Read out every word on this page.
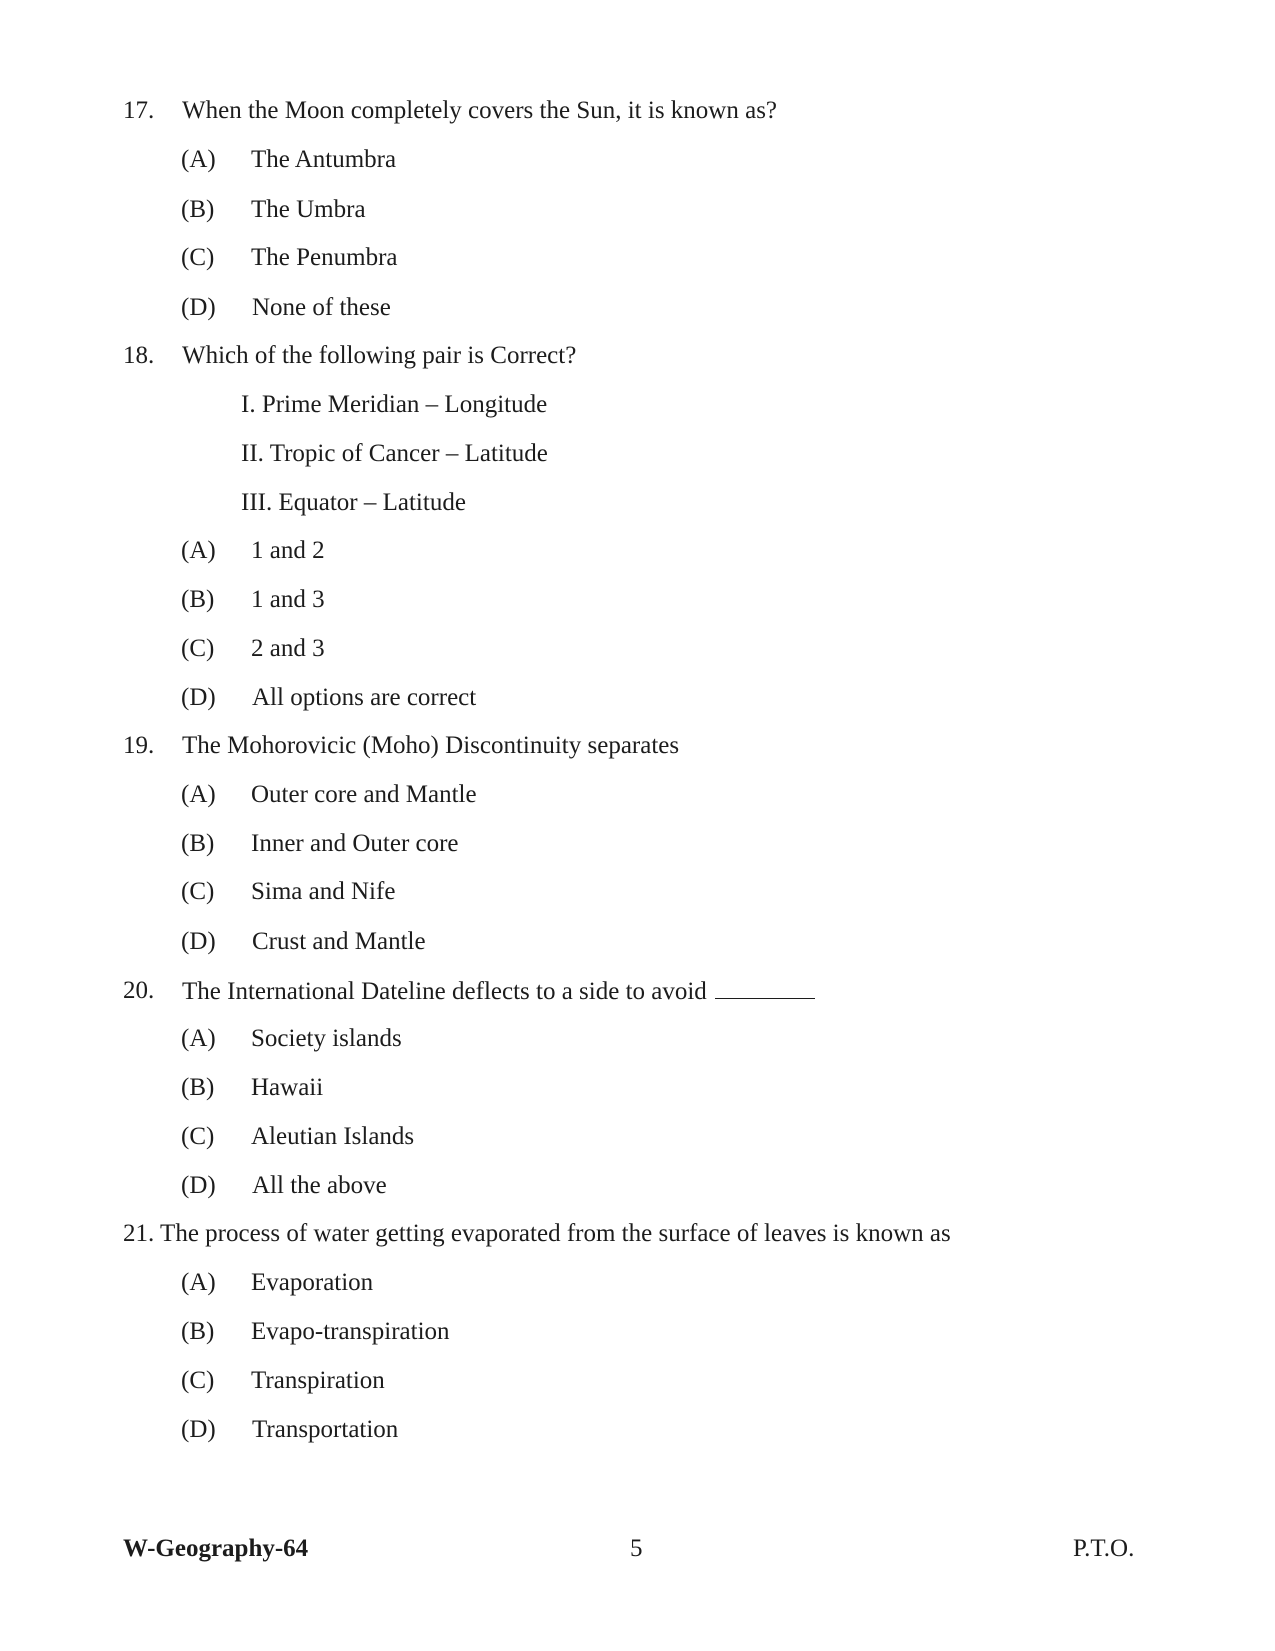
17. When the Moon completely covers the Sun, it is known as?
(A) The Antumbra
(B) The Umbra
(C) The Penumbra
(D) None of these
18. Which of the following pair is Correct?
I. Prime Meridian – Longitude
II. Tropic of Cancer – Latitude
III. Equator – Latitude
(A) 1 and 2
(B) 1 and 3
(C) 2 and 3
(D) All options are correct
19. The Mohorovicic (Moho) Discontinuity separates
(A) Outer core and Mantle
(B) Inner and Outer core
(C) Sima and Nife
(D) Crust and Mantle
20. The International Dateline deflects to a side to avoid
(A) Society islands
(B) Hawaii
(C) Aleutian Islands
(D) All the above
21. The process of water getting evaporated from the surface of leaves is known as
(A) Evaporation
(B) Evapo-transpiration
(C) Transpiration
(D) Transportation
W-Geography-64	5	P.T.O.
